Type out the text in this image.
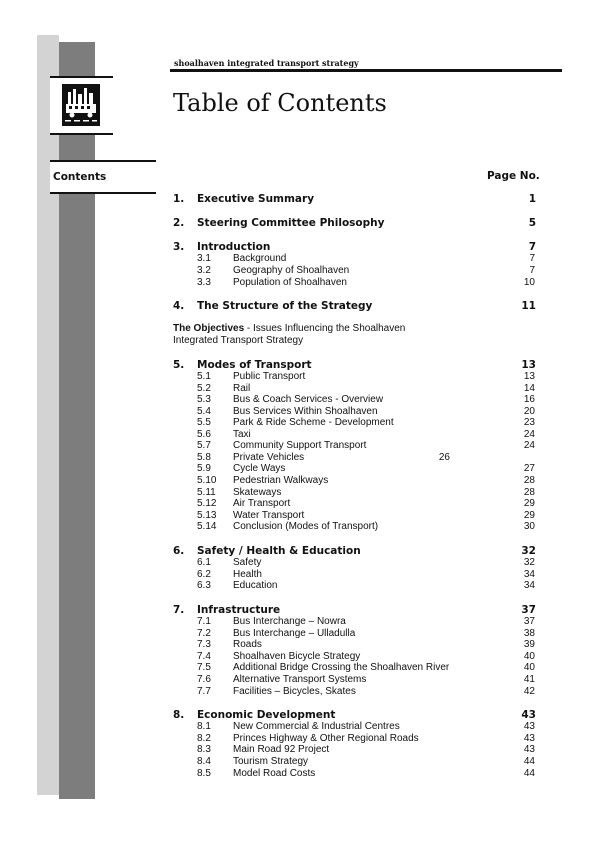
Contents
shoalhaven integrated transport strategy
Table of Contents
Page No.
The Objectives - Issues Influencing the Shoalhaven Integrated Transport Strategy
1. Executive Summary	1
2. Steering Committee Philosophy	5
3. Introduction	7
3.1 Background	7
3.2 Geography of Shoalhaven	7
3.3 Population of Shoalhaven	10
4. The Structure of the Strategy	11
5. Modes of Transport	13
5.1 Public Transport	13
5.2 Rail	14
5.3 Bus & Coach Services - Overview	16
5.4 Bus Services Within Shoalhaven	20
5.5 Park & Ride Scheme - Development	23
5.6 Taxi	24
5.7 Community Support Transport	24
5.8 Private Vehicles	26
5.9 Cycle Ways	27
5.10 Pedestrian Walkways	28
5.11 Skateways	28
5.12 Air Transport	29
5.13 Water Transport	29
5.14 Conclusion (Modes of Transport)	30
6. Safety / Health & Education	32
6.1 Safety	32
6.2 Health	34
6.3 Education	34
7. Infrastructure	37
7.1 Bus Interchange – Nowra	37
7.2 Bus Interchange – Ulladulla	38
7.3 Roads	39
7.4 Shoalhaven Bicycle Strategy	40
7.5 Additional Bridge Crossing the Shoalhaven River	40
7.6 Alternative Transport Systems	41
7.7 Facilities – Bicycles, Skates	42
8. Economic Development	43
8.1 New Commercial & Industrial Centres	43
8.2 Princes Highway & Other Regional Roads	43
8.3 Main Road 92 Project	43
8.4 Tourism Strategy	44
8.5 Model Road Costs	44
